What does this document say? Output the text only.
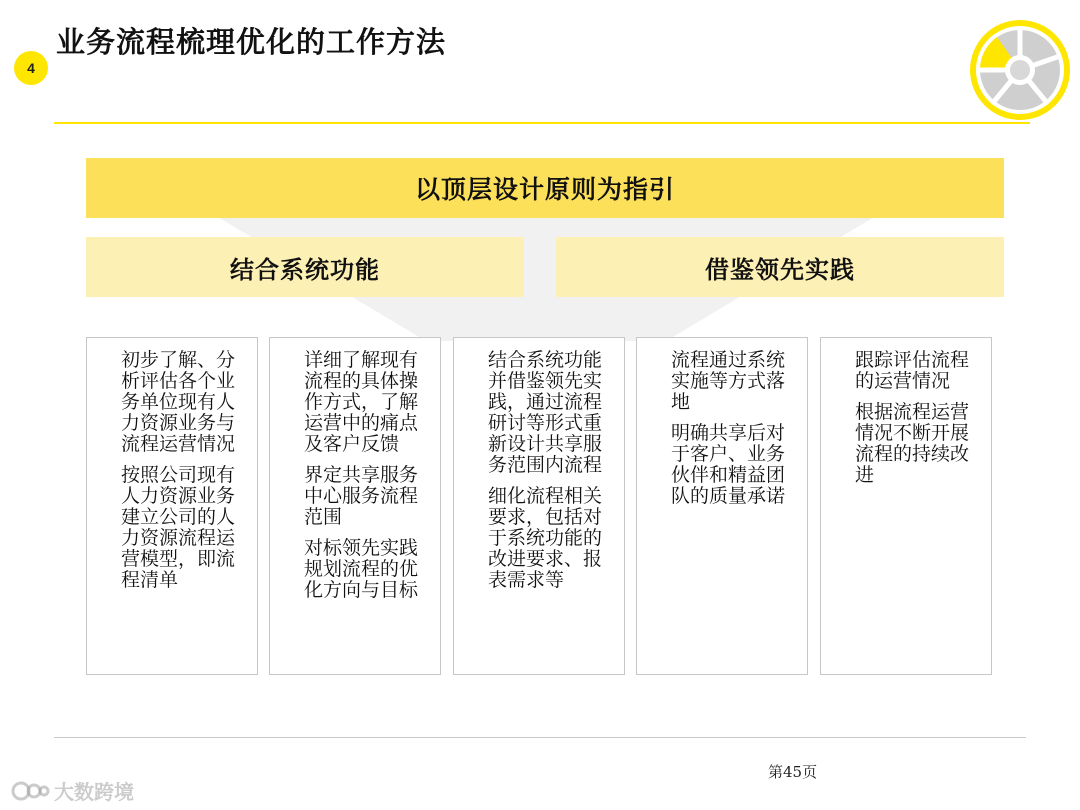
4
业务流程梳理优化的工作方法
以顶层设计原则为指引
结合系统功能	借鉴领先实践

初步了解、分析评估各个业务单位现有人力资源业务与流程运营情况

按照公司现有人力资源业务建立公司的人力资源流程运营模型，即流程清单

详细了解现有流程的具体操作方式，了解运营中的痛点及客户反馈

界定共享服务中心服务流程范围

对标领先实践规划流程的优化方向与目标

结合系统功能并借鉴领先实践，通过流程研讨等形式重新设计共享服务范围内流程

细化流程相关要求，包括对于系统功能的改进要求、报表需求等

流程通过系统实施等方式落地

明确共享后对于客户、业务伙伴和精益团队的质量承诺

跟踪评估流程的运营情况

根据流程运营情况不断开展流程的持续改进

第45页
大数跨境
